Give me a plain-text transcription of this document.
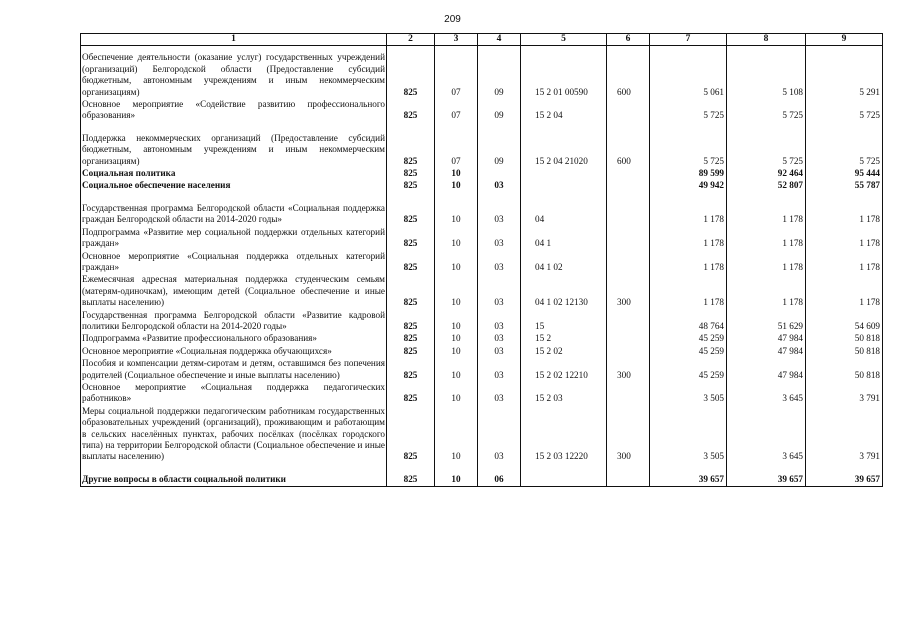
209
1	2	3	4	5	6	7	8	9
Обеспечение деятельности (оказание услуг) государственных учреждений (организаций) Белгородской области (Предоставление субсидий бюджетным, автономным учреждениям и иным некоммерческим организациям)	825	07	09	15 2 01 00590	600	5 061	5 108	5 291
Основное мероприятие «Содействие развитию профессионального образования»	825	07	09	15 2 04		5 725	5 725	5 725
Поддержка некоммерческих организаций (Предоставление субсидий бюджетным, автономным учреждениям и иным некоммерческим организациям)	825	07	09	15 2 04 21020	600	5 725	5 725	5 725
Социальная политика	825	10				89 599	92 464	95 444
Социальное обеспечение населения	825	10	03			49 942	52 807	55 787
Государственная программа Белгородской области «Социальная поддержка граждан Белгородской области на 2014-2020 годы»	825	10	03	04		1 178	1 178	1 178
Подпрограмма «Развитие мер социальной поддержки отдельных категорий граждан»	825	10	03	04 1		1 178	1 178	1 178
Основное мероприятие «Социальная поддержка отдельных категорий граждан»	825	10	03	04 1 02		1 178	1 178	1 178
Ежемесячная адресная материальная поддержка студенческим семьям (матерям-одиночкам), имеющим детей (Социальное обеспечение и иные выплаты населению)	825	10	03	04 1 02 12130	300	1 178	1 178	1 178
Государственная программа Белгородской области «Развитие кадровой политики Белгородской области на 2014-2020 годы»	825	10	03	15		48 764	51 629	54 609
Подпрограмма «Развитие профессионального образования»	825	10	03	15 2		45 259	47 984	50 818
Основное мероприятие «Социальная поддержка обучающихся»	825	10	03	15 2 02		45 259	47 984	50 818
Пособия и компенсации детям-сиротам и детям, оставшимся без попечения родителей (Социальное обеспечение и иные выплаты населению)	825	10	03	15 2 02 12210	300	45 259	47 984	50 818
Основное мероприятие «Социальная поддержка педагогических работников»	825	10	03	15 2 03		3 505	3 645	3 791
Меры социальной поддержки педагогическим работникам государственных образовательных учреждений (организаций), проживающим и работающим в сельских населённых пунктах, рабочих посёлках (посёлках городского типа) на территории Белгородской области (Социальное обеспечение и иные выплаты населению)	825	10	03	15 2 03 12220	300	3 505	3 645	3 791
Другие вопросы в области социальной политики	825	10	06			39 657	39 657	39 657
